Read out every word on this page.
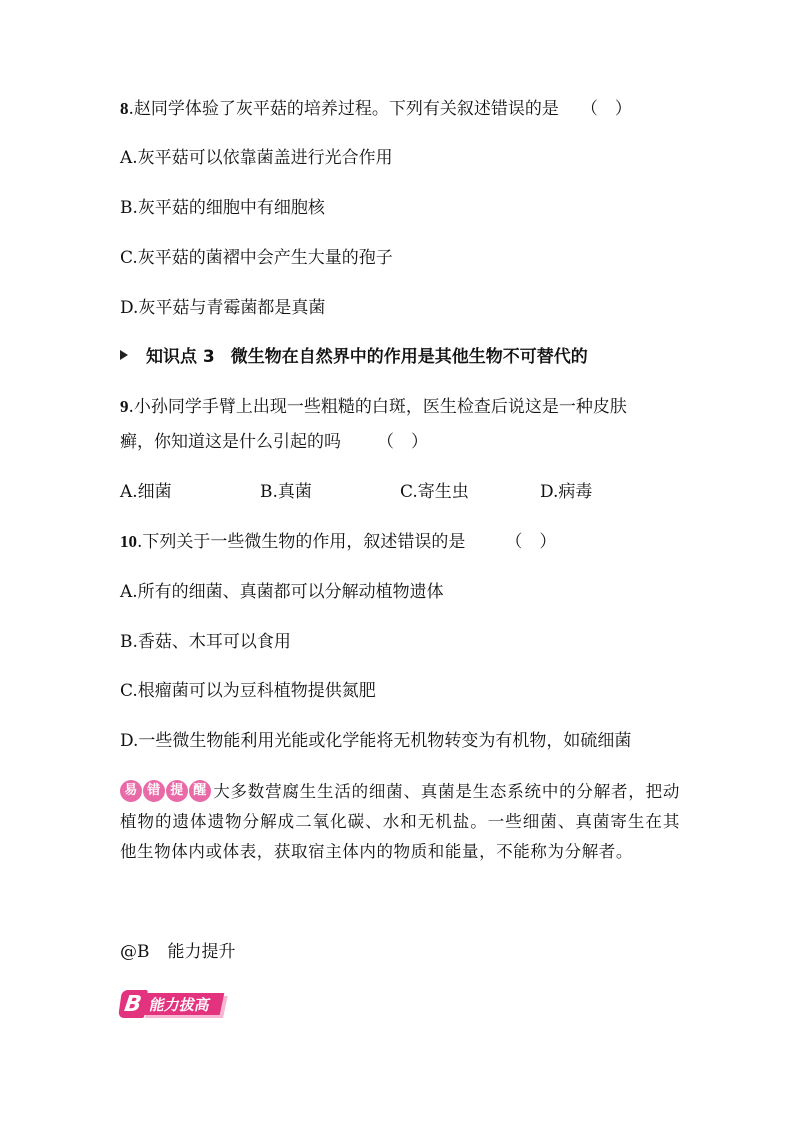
8.赵同学体验了灰平菇的培养过程。下列有关叙述错误的是 （　）
A.灰平菇可以依靠菌盖进行光合作用
B.灰平菇的细胞中有细胞核
C.灰平菇的菌褶中会产生大量的孢子
D.灰平菇与青霉菌都是真菌
知识点 3 微生物在自然界中的作用是其他生物不可替代的
9.小孙同学手臂上出现一些粗糙的白斑，医生检查后说这是一种皮肤
癣，你知道这是什么引起的吗 （　）
A.细菌	B.真菌	C.寄生虫	D.病毒
10.下列关于一些微生物的作用，叙述错误的是 （　）
A.所有的细菌、真菌都可以分解动植物遗体
B.香菇、木耳可以食用
C.根瘤菌可以为豆科植物提供氮肥
D.一些微生物能利用光能或化学能将无机物转变为有机物，如硫细菌
易 错 提 醒 大多数营腐生生活的细菌、真菌是生态系统中的分解者，把动植物的遗体遗物分解成二氧化碳、水和无机盐。一些细菌、真菌寄生在其他生物体内或体表，获取宿主体内的物质和能量，不能称为分解者。
@B 能力提升
B 能力拔高
